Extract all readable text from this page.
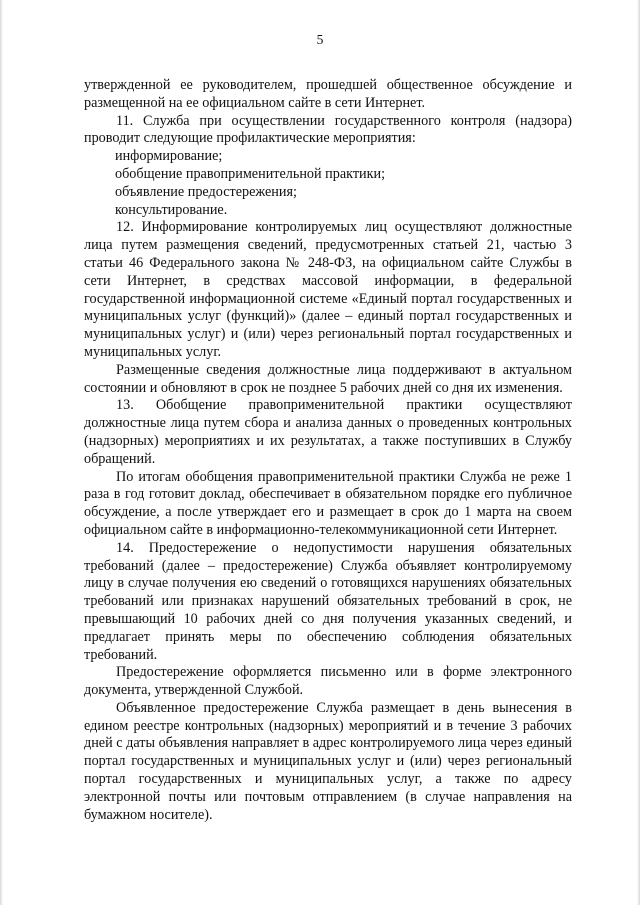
5

утвержденной ее руководителем, прошедшей общественное обсуждение и размещенной на ее официальном сайте в сети Интернет.

11. Служба при осуществлении государственного контроля (надзора) проводит следующие профилактические мероприятия:

информирование;

обобщение правоприменительной практики;

объявление предостережения;

консультирование.

12. Информирование контролируемых лиц осуществляют должностные лица путем размещения сведений, предусмотренных статьей 21, частью 3 статьи 46 Федерального закона № 248-ФЗ, на официальном сайте Службы в сети Интернет, в средствах массовой информации, в федеральной государственной информационной системе «Единый портал государственных и муниципальных услуг (функций)» (далее – единый портал государственных и муниципальных услуг) и (или) через региональный портал государственных и муниципальных услуг.

Размещенные сведения должностные лица поддерживают в актуальном состоянии и обновляют в срок не позднее 5 рабочих дней со дня их изменения.

13. Обобщение правоприменительной практики осуществляют должностные лица путем сбора и анализа данных о проведенных контрольных (надзорных) мероприятиях и их результатах, а также поступивших в Службу обращений.

По итогам обобщения правоприменительной практики Служба не реже 1 раза в год готовит доклад, обеспечивает в обязательном порядке его публичное обсуждение, а после утверждает его и размещает в срок до 1 марта на своем официальном сайте в информационно-телекоммуникационной сети Интернет.

14. Предостережение о недопустимости нарушения обязательных требований (далее – предостережение) Служба объявляет контролируемому лицу в случае получения ею сведений о готовящихся нарушениях обязательных требований или признаках нарушений обязательных требований в срок, не превышающий 10 рабочих дней со дня получения указанных сведений, и предлагает принять меры по обеспечению соблюдения обязательных требований.

Предостережение оформляется письменно или в форме электронного документа, утвержденной Службой.

Объявленное предостережение Служба размещает в день вынесения в едином реестре контрольных (надзорных) мероприятий и в течение 3 рабочих дней с даты объявления направляет в адрес контролируемого лица через единый портал государственных и муниципальных услуг и (или) через региональный портал государственных и муниципальных услуг, а также по адресу электронной почты или почтовым отправлением (в случае направления на бумажном носителе).
